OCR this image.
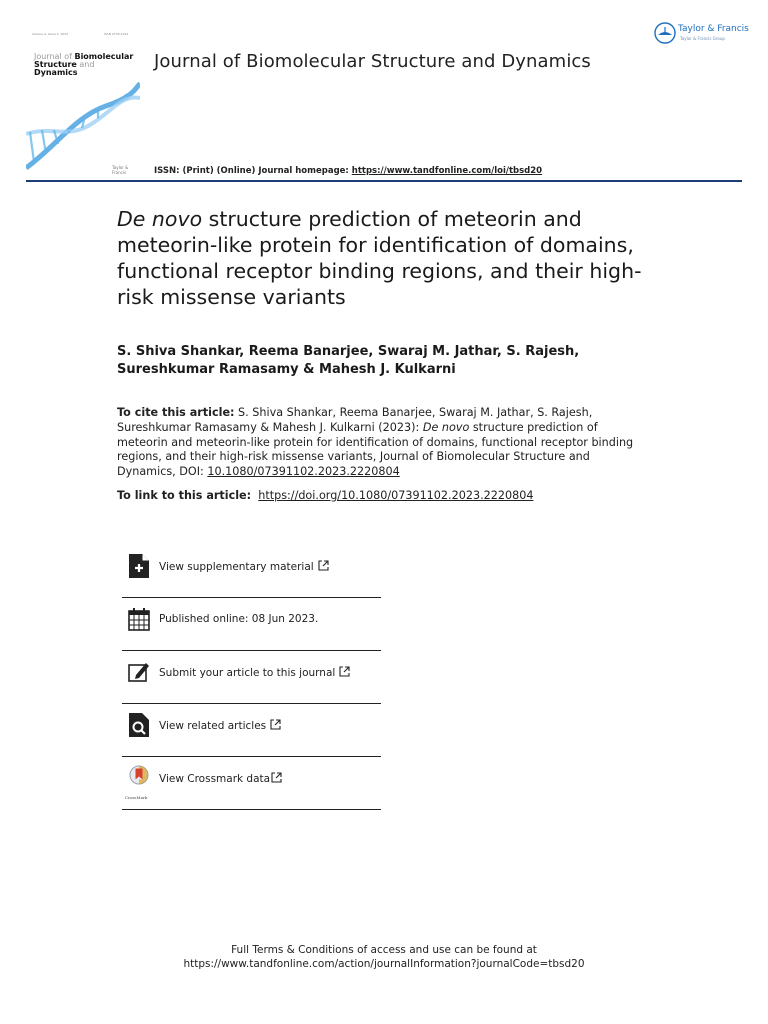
Volume 0, Issue 0, 2023	ISSN 0739-1102
Journal of Biomolecular
Structure and Dynamics
Taylor & Francis
Journal of Biomolecular Structure and Dynamics
Taylor & Francis
Taylor & Francis Group
ISSN: (Print) (Online) Journal homepage: https://www.tandfonline.com/loi/tbsd20
De novo structure prediction of meteorin and meteorin-like protein for identification of domains, functional receptor binding regions, and their high-risk missense variants
S. Shiva Shankar, Reema Banarjee, Swaraj M. Jathar, S. Rajesh, Sureshkumar Ramasamy & Mahesh J. Kulkarni
To cite this article: S. Shiva Shankar, Reema Banarjee, Swaraj M. Jathar, S. Rajesh, Sureshkumar Ramasamy & Mahesh J. Kulkarni (2023): De novo structure prediction of meteorin and meteorin-like protein for identification of domains, functional receptor binding regions, and their high-risk missense variants, Journal of Biomolecular Structure and Dynamics, DOI: 10.1080/07391102.2023.2220804
To link to this article: https://doi.org/10.1080/07391102.2023.2220804
View supplementary material
Published online: 08 Jun 2023.
Submit your article to this journal
View related articles
CrossMark
View Crossmark data
Full Terms & Conditions of access and use can be found at
https://www.tandfonline.com/action/journalInformation?journalCode=tbsd20
